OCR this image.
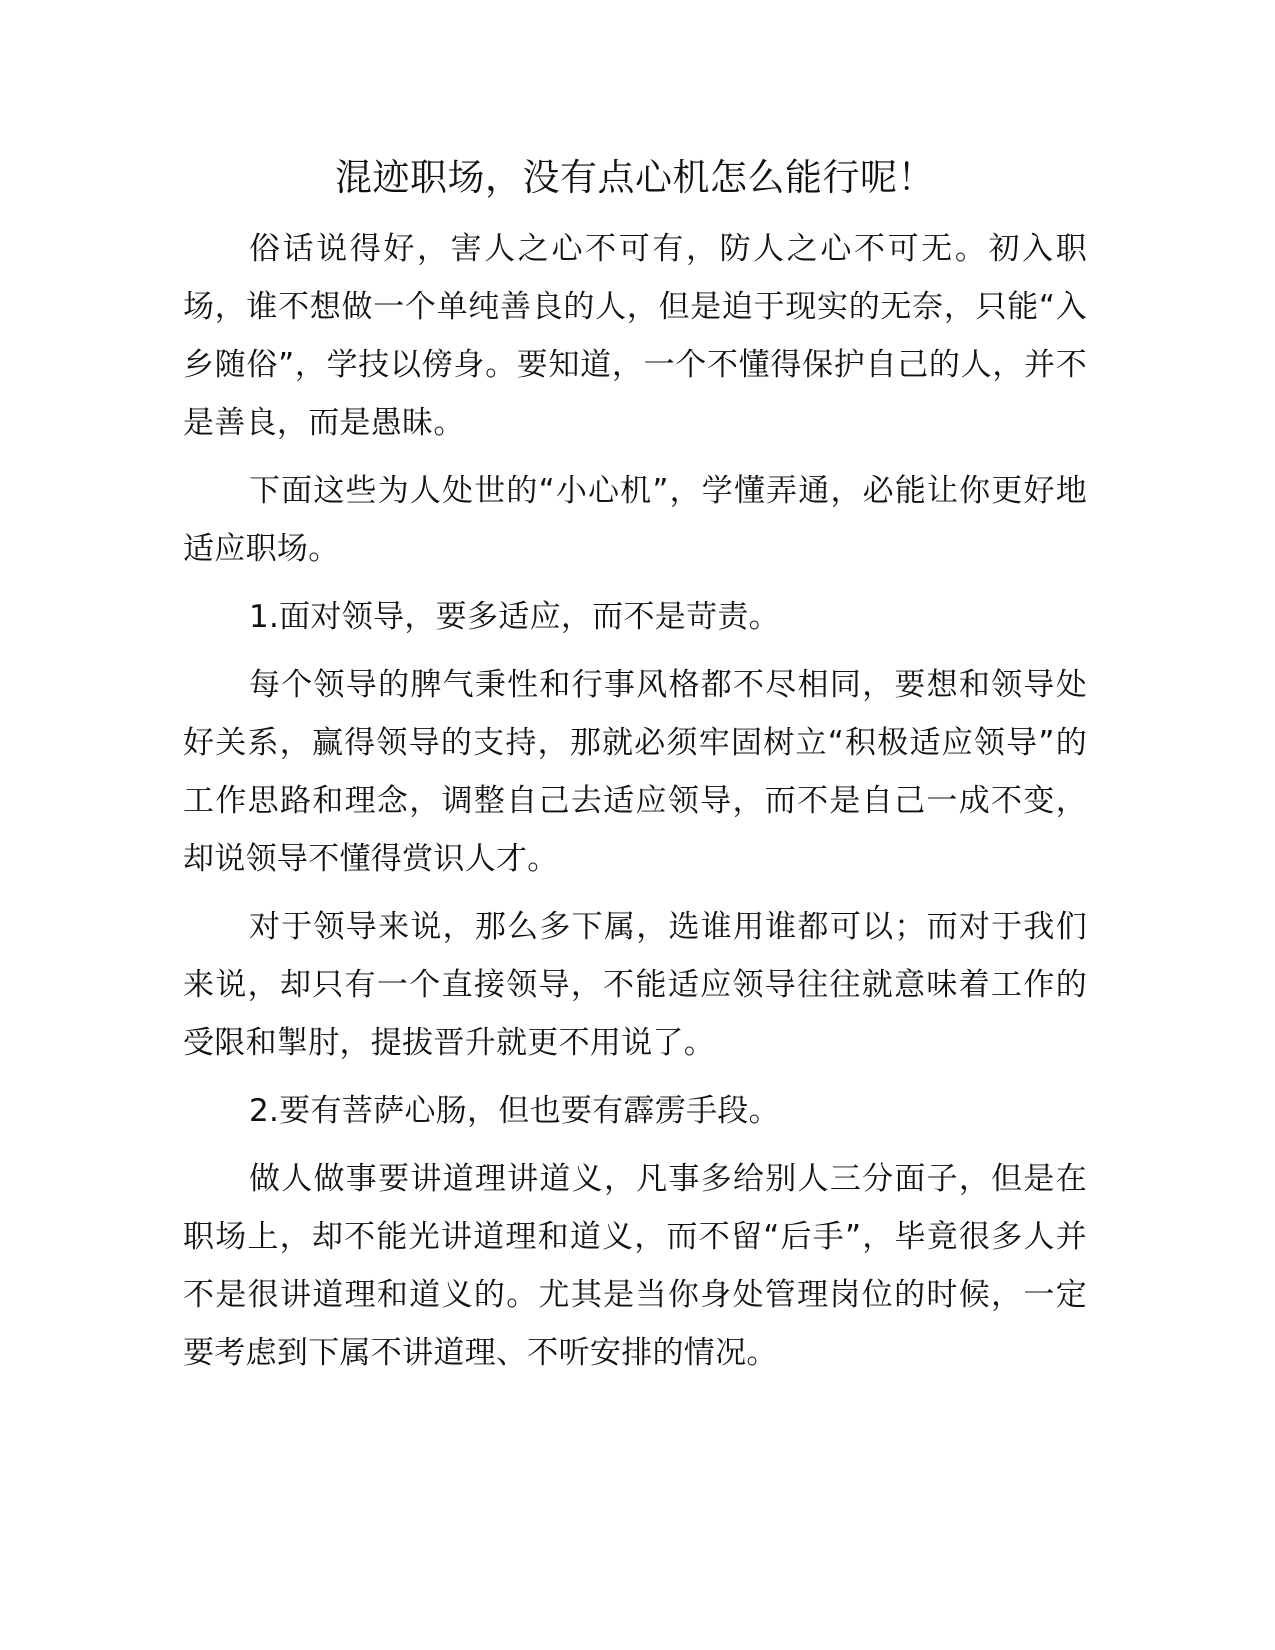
混迹职场，没有点心机怎么能行呢！

俗话说得好，害人之心不可有，防人之心不可无。初入职场，谁不想做一个单纯善良的人，但是迫于现实的无奈，只能“入乡随俗”，学技以傍身。要知道，一个不懂得保护自己的人，并不是善良，而是愚昧。

下面这些为人处世的“小心机”，学懂弄通，必能让你更好地适应职场。

1.面对领导，要多适应，而不是苛责。

每个领导的脾气秉性和行事风格都不尽相同，要想和领导处好关系，赢得领导的支持，那就必须牢固树立“积极适应领导”的工作思路和理念，调整自己去适应领导，而不是自己一成不变，却说领导不懂得赏识人才。

对于领导来说，那么多下属，选谁用谁都可以；而对于我们来说，却只有一个直接领导，不能适应领导往往就意味着工作的受限和掣肘，提拔晋升就更不用说了。

2.要有菩萨心肠，但也要有霹雳手段。

做人做事要讲道理讲道义，凡事多给别人三分面子，但是在职场上，却不能光讲道理和道义，而不留“后手”，毕竟很多人并不是很讲道理和道义的。尤其是当你身处管理岗位的时候，一定要考虑到下属不讲道理、不听安排的情况。
